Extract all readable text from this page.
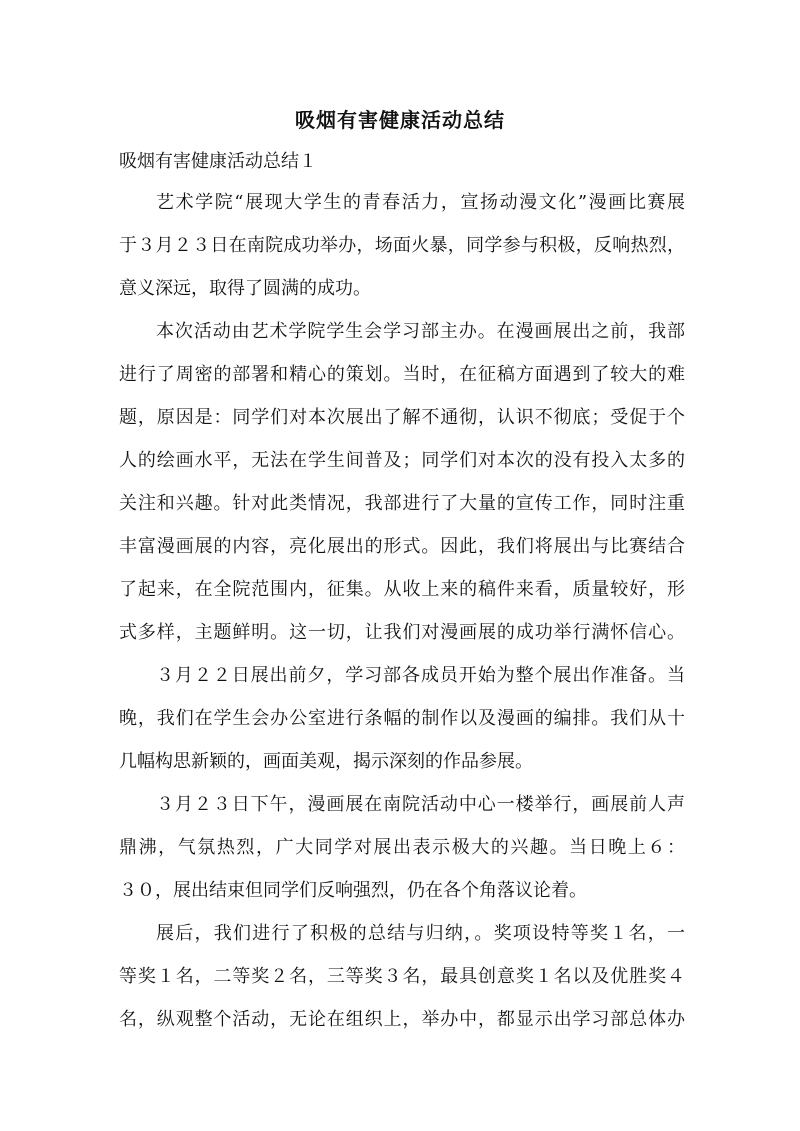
吸烟有害健康活动总结
吸烟有害健康活动总结１
艺术学院“展现大学生的青春活力，宣扬动漫文化”漫画比赛展
于３月２３日在南院成功举办，场面火暴，同学参与积极，反响热烈，
意义深远，取得了圆满的成功。
本次活动由艺术学院学生会学习部主办。在漫画展出之前，我部
进行了周密的部署和精心的策划。当时，在征稿方面遇到了较大的难
题，原因是：同学们对本次展出了解不通彻，认识不彻底；受促于个
人的绘画水平，无法在学生间普及；同学们对本次的没有投入太多的
关注和兴趣。针对此类情况，我部进行了大量的宣传工作，同时注重
丰富漫画展的内容，亮化展出的形式。因此，我们将展出与比赛结合
了起来，在全院范围内，征集。从收上来的稿件来看，质量较好，形
式多样，主题鲜明。这一切，让我们对漫画展的成功举行满怀信心。
３月２２日展出前夕，学习部各成员开始为整个展出作准备。当
晚，我们在学生会办公室进行条幅的制作以及漫画的编排。我们从十
几幅构思新颖的，画面美观，揭示深刻的作品参展。
３月２３日下午，漫画展在南院活动中心一楼举行，画展前人声
鼎沸，气氛热烈，广大同学对展出表示极大的兴趣。当日晚上６：
３０，展出结束但同学们反响强烈，仍在各个角落议论着。
展后，我们进行了积极的总结与归纳，。奖项设特等奖１名，一
等奖１名，二等奖２名，三等奖３名，最具创意奖１名以及优胜奖４
名，纵观整个活动，无论在组织上，举办中，都显示出学习部总体办
